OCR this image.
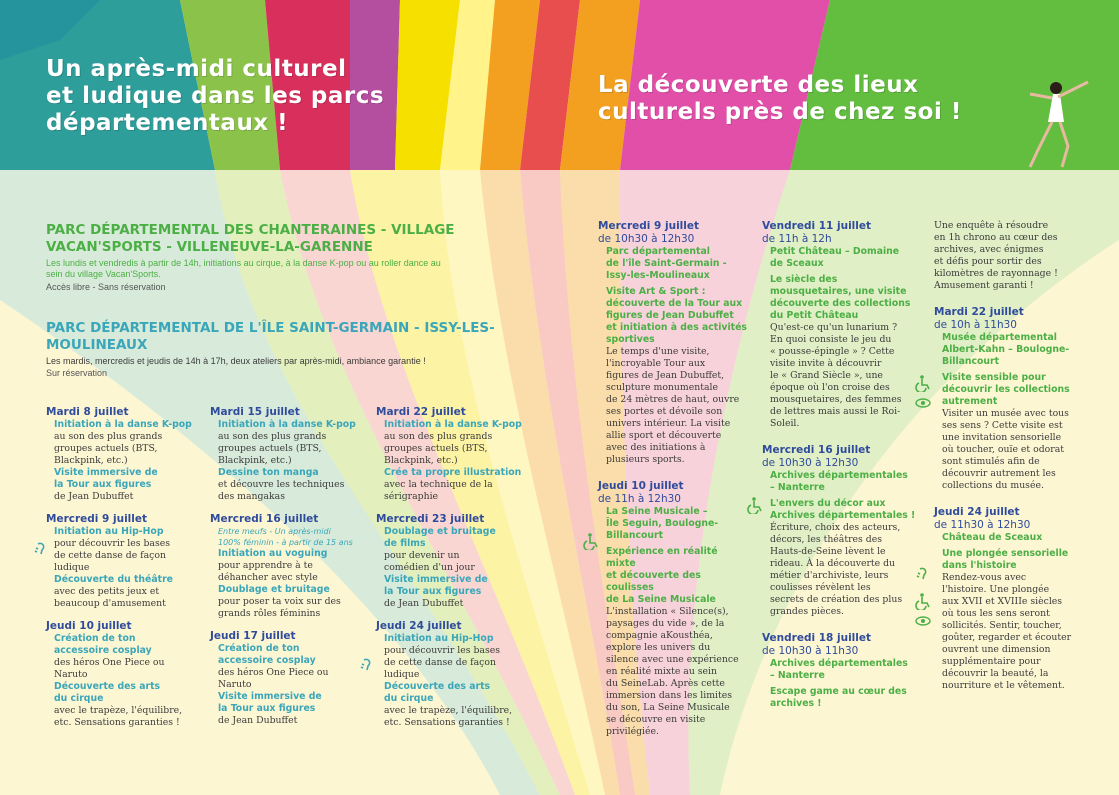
Un après-midi culturel
et ludique dans les parcs
départementaux !
La découverte des lieux
culturels près de chez soi !
PARC DÉPARTEMENTAL DES CHANTERAINES - VILLAGE
VACAN'SPORTS - VILLENEUVE-LA-GARENNE
Les lundis et vendredis à partir de 14h, initiations au cirque, à la danse K-pop ou au roller dance au
sein du village Vacan'Sports.
Accès libre - Sans réservation
PARC DÉPARTEMENTAL DE L'ÎLE SAINT-GERMAIN - ISSY-LES-
MOULINEAUX
Les mardis, mercredis et jeudis de 14h à 17h, deux ateliers par après-midi, ambiance garantie !
Sur réservation
Mardi 8 juillet
Initiation à la danse K-pop
au son des plus grands
groupes actuels (BTS,
Blackpink, etc.)
Visite immersive de
la Tour aux figures
de Jean Dubuffet
Mercredi 9 juillet
Initiation au Hip-Hop
pour découvrir les bases
de cette danse de façon
ludique
Découverte du théâtre
avec des petits jeux et
beaucoup d'amusement
Jeudi 10 juillet
Création de ton
accessoire cosplay
des héros One Piece ou
Naruto
Découverte des arts
du cirque
avec le trapèze, l'équilibre,
etc. Sensations garanties !
Mardi 15 juillet
Initiation à la danse K-pop
au son des plus grands
groupes actuels (BTS,
Blackpink, etc.)
Dessine ton manga
et découvre les techniques
des mangakas
Mercredi 16 juillet
Entre meufs - Un après-midi
100% féminin - à partir de 15 ans
Initiation au voguing
pour apprendre à te
déhancher avec style
Doublage et bruitage
pour poser ta voix sur des
grands rôles féminins
Jeudi 17 juillet
Création de ton
accessoire cosplay
des héros One Piece ou
Naruto
Visite immersive de
la Tour aux figures
de Jean Dubuffet
Mardi 22 juillet
Initiation à la danse K-pop
au son des plus grands
groupes actuels (BTS,
Blackpink, etc.)
Crée ta propre illustration
avec la technique de la
sérigraphie
Mercredi 23 juillet
Doublage et bruitage
de films
pour devenir un
comédien d'un jour
Visite immersive de
la Tour aux figures
de Jean Dubuffet
Jeudi 24 juillet
Initiation au Hip-Hop
pour découvrir les bases
de cette danse de façon
ludique
Découverte des arts
du cirque
avec le trapèze, l'équilibre,
etc. Sensations garanties !
Mercredi 9 juillet
de 10h30 à 12h30
Parc départemental
de l'île Saint-Germain -
Issy-les-Moulineaux
Visite Art & Sport :
découverte de la Tour aux
figures de Jean Dubuffet
et initiation à des activités
sportives
Le temps d'une visite,
l'incroyable Tour aux
figures de Jean Dubuffet,
sculpture monumentale
de 24 mètres de haut, ouvre
ses portes et dévoile son
univers intérieur. La visite
allie sport et découverte
avec des initiations à
plusieurs sports.
Jeudi 10 juillet
de 11h à 12h30
La Seine Musicale –
Île Seguin, Boulogne-
Billancourt
Expérience en réalité mixte
et découverte des coulisses
de La Seine Musicale
L'installation « Silence(s),
paysages du vide », de la
compagnie aKousthéa,
explore les univers du
silence avec une expérience
en réalité mixte au sein
du SeineLab. Après cette
immersion dans les limites
du son, La Seine Musicale
se découvre en visite
privilégiée.
Vendredi 11 juillet
de 11h à 12h
Petit Château – Domaine
de Sceaux
Le siècle des
mousquetaires, une visite
découverte des collections
du Petit Château
Qu'est-ce qu'un lunarium ?
En quoi consiste le jeu du
« pousse-épingle » ? Cette
visite invite à découvrir
le « Grand Siècle », une
époque où l'on croise des
mousquetaires, des femmes
de lettres mais aussi le Roi-
Soleil.
Mercredi 16 juillet
de 10h30 à 12h30
Archives départementales
– Nanterre
L'envers du décor aux
Archives départementales !
Écriture, choix des acteurs,
décors, les théâtres des
Hauts-de-Seine lèvent le
rideau. À la découverte du
métier d'archiviste, leurs
coulisses révèlent les
secrets de création des plus
grandes pièces.
Vendredi 18 juillet
de 10h30 à 11h30
Archives départementales
– Nanterre
Escape game au cœur des
archives !
Une enquête à résoudre
en 1h chrono au cœur des
archives, avec énigmes
et défis pour sortir des
kilomètres de rayonnage !
Amusement garanti !
Mardi 22 juillet
de 10h à 11h30
Musée départemental
Albert-Kahn – Boulogne-
Billancourt
Visite sensible pour
découvrir les collections
autrement
Visiter un musée avec tous
ses sens ? Cette visite est
une invitation sensorielle
où toucher, ouïe et odorat
sont stimulés afin de
découvrir autrement les
collections du musée.
Jeudi 24 juillet
de 11h30 à 12h30
Château de Sceaux
Une plongée sensorielle
dans l'histoire
Rendez-vous avec
l'histoire. Une plongée
aux XVII et XVIIIe siècles
où tous les sens seront
sollicités. Sentir, toucher,
goûter, regarder et écouter
ouvrent une dimension
supplémentaire pour
découvrir la beauté, la
nourriture et le vêtement.
